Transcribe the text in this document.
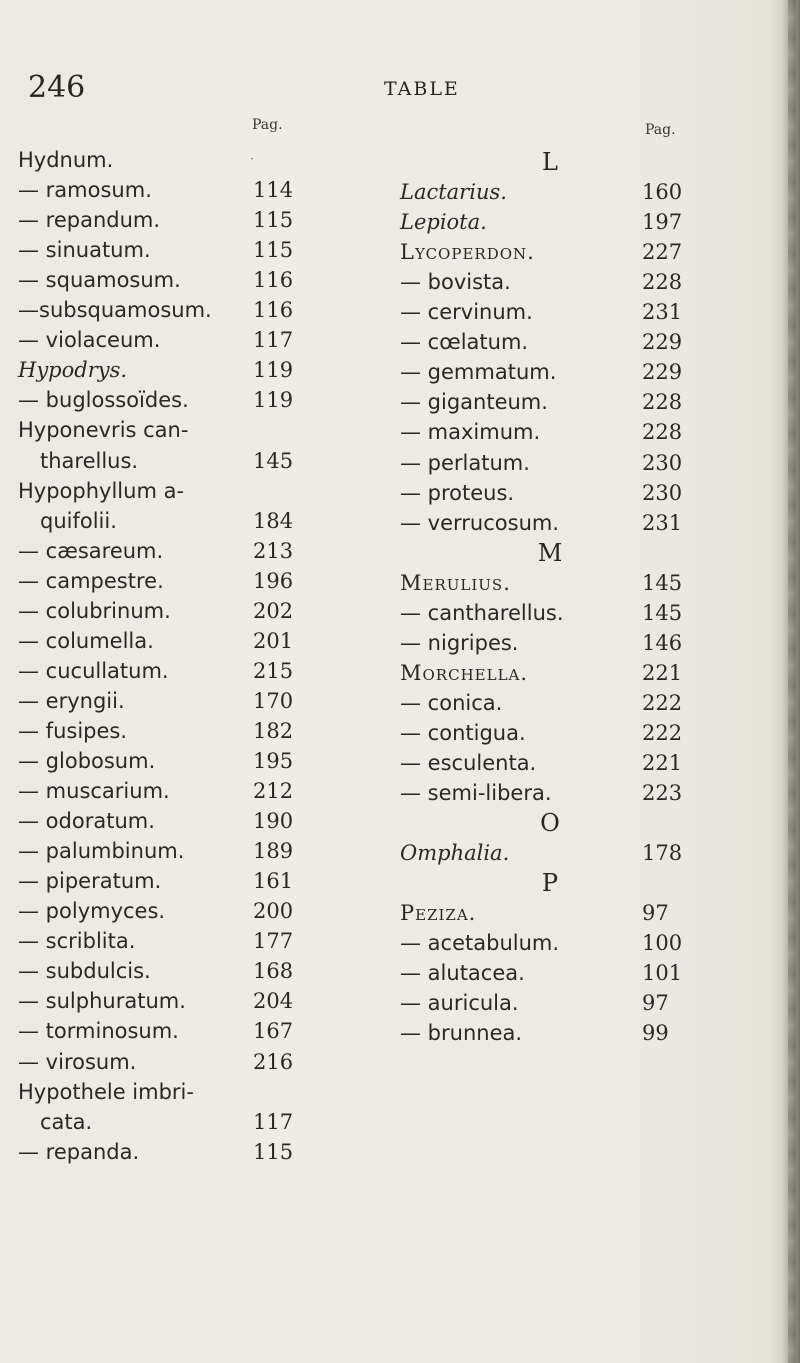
246	TABLE
Pag.	Pag.
Hydnum.
— ramosum.	114
— repandum.	115
— sinuatum.	115
— squamosum.	116
—subsquamosum. 116
— violaceum.	117
Hypodrys.	119
— buglossoïdes.	119
Hyponevris can-
tharellus.	145
Hypophyllum a-
quifolii.	184
— cæsareum.	213
— campestre.	196
— colubrinum.	202
— columella.	201
— cucullatum.	215
— eryngii.	170
— fusipes.	182
— globosum.	195
— muscarium.	212
— odoratum.	190
— palumbinum.	189
— piperatum.	161
— polymyces.	200
— scriblita.	177
— subdulcis.	168
— sulphuratum.	204
— torminosum.	167
— virosum.	216
Hypothele imbri-
cata.	117
— repanda.	115
L
Lactarius.	160
Lepiota.	197
Lycoperdon.	227
— bovista.	228
— cervinum.	231
— cœlatum.	229
— gemmatum.	229
— giganteum.	228
— maximum.	228
— perlatum.	230
— proteus.	230
— verrucosum.	231
M
Merulius.	145
— cantharellus.	145
— nigripes.	146
Morchella.	221
— conica.	222
— contigua.	222
— esculenta.	221
— semi-libera.	223
O
Omphalia.	178
P
Peziza.	97
— acetabulum.	100
— alutacea.	101
— auricula.	97
— brunnea.	99
·
